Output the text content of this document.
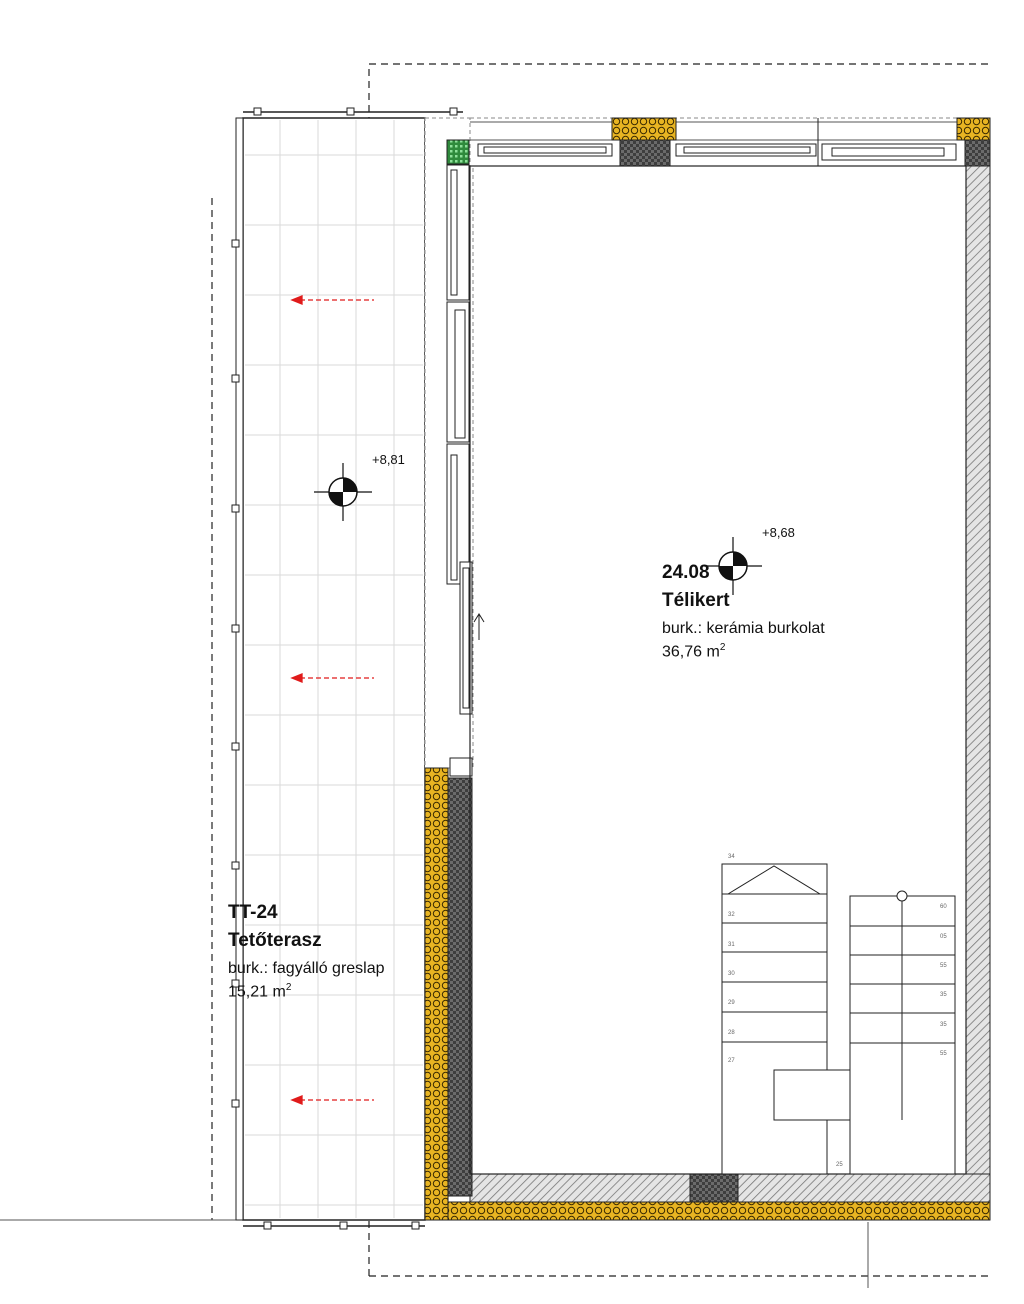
34
32
31
30
29
28
27
60
05
55
35
35
55
25
+8,81
+8,68
TT-24
Tetőterasz
burk.: fagyálló greslap
15,21 $m^2$
24.08
Télikert
burk.: kerámia burkolat
36,76 $m^2$
